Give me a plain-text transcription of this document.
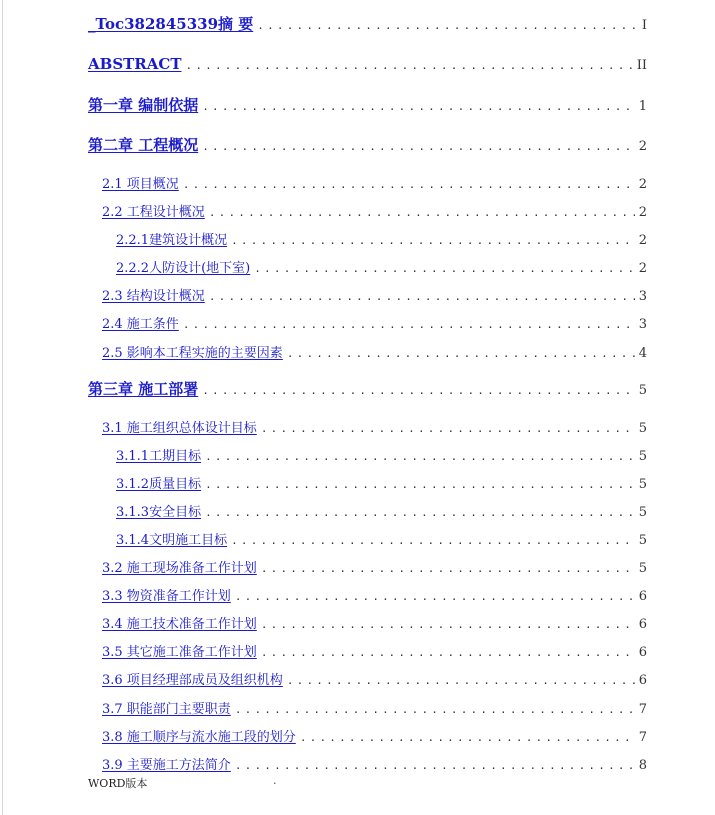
_Toc382845339摘 要 .....	I
ABSTRACT .....	II
第一章 编制依据 .....	1
第二章 工程概况 .....	2
2.1 项目概况 .....	2
2.2 工程设计概况 .....	2
2.2.1建筑设计概况 .....	2
2.2.2人防设计(地下室) .....	2
2.3 结构设计概况 .....	3
2.4 施工条件 .....	3
2.5 影响本工程实施的主要因素 .....	4
第三章 施工部署 .....	5
3.1 施工组织总体设计目标 .....	5
3.1.1工期目标 .....	5
3.1.2质量目标 .....	5
3.1.3安全目标 .....	5
3.1.4文明施工目标 .....	5
3.2 施工现场准备工作计划 .....	5
3.3 物资准备工作计划 .....	6
3.4 施工技术准备工作计划 .....	6
3.5 其它施工准备工作计划 .....	6
3.6 项目经理部成员及组织机构 .....	6
3.7 职能部门主要职责 .....	7
3.8 施工顺序与流水施工段的划分 .....	7
3.9 主要施工方法简介 .....	8
WORD版本	.
